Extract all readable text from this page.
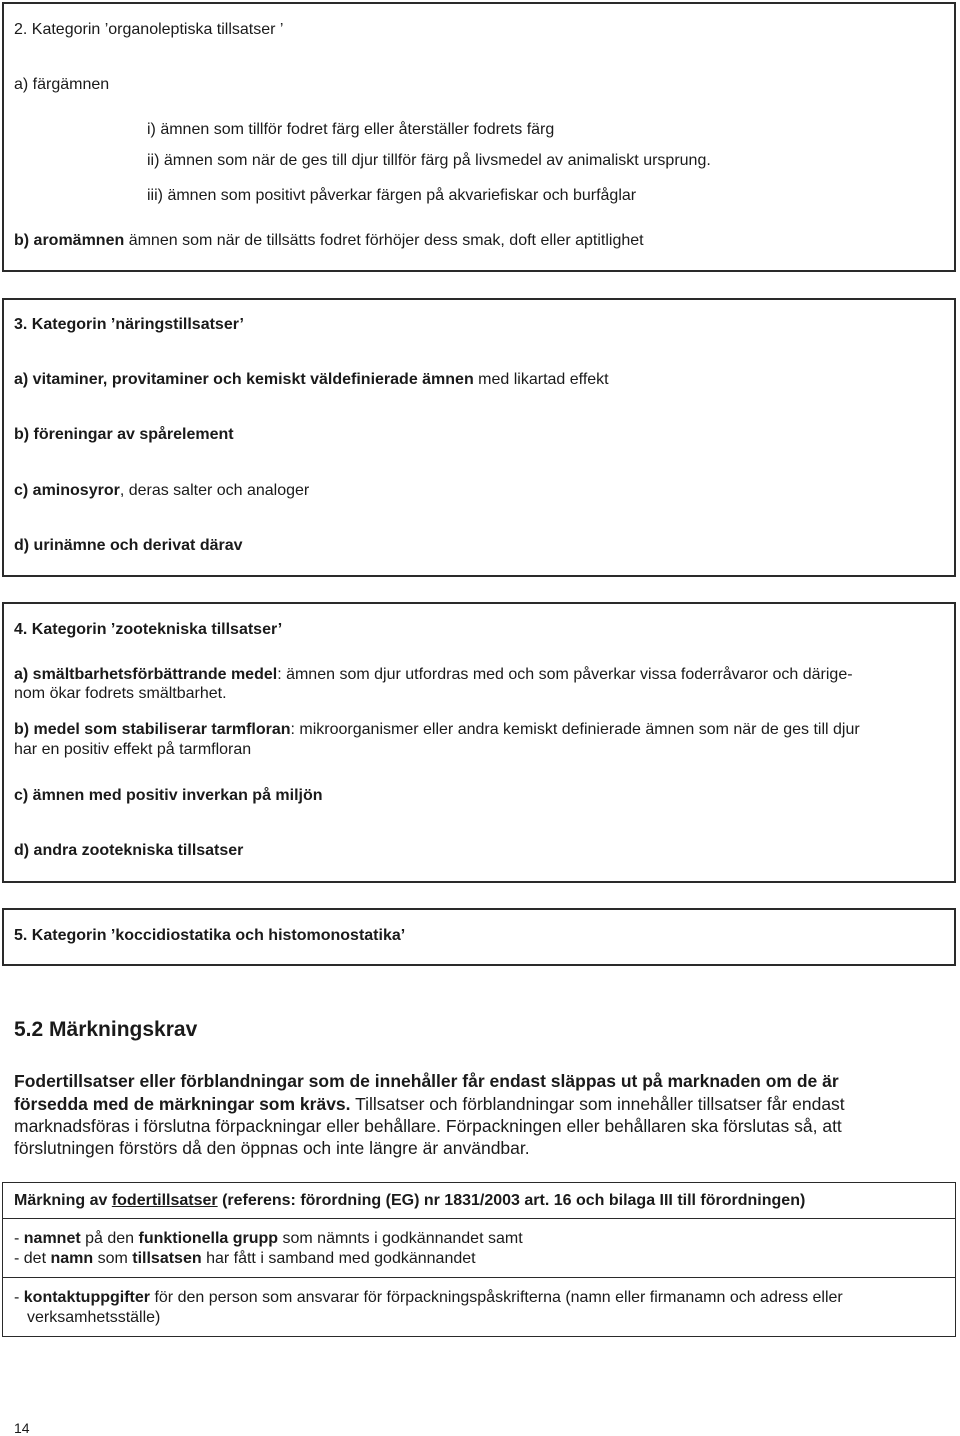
2. Kategorin ’organoleptiska tillsatser ’
a) färgämnen
i) ämnen som tillför fodret färg eller återställer fodrets färg
ii) ämnen som när de ges till djur tillför färg på livsmedel av animaliskt ursprung.
iii) ämnen som positivt påverkar färgen på akvariefiskar och burfåglar
b) aromämnen ämnen som när de tillsätts fodret förhöjer dess smak, doft eller aptitlighet
3. Kategorin ’näringstillsatser’
a) vitaminer, provitaminer och kemiskt väldefinierade ämnen med likartad effekt
b) föreningar av spårelement
c) aminosyror, deras salter och analoger
d) urinämne och derivat därav
4. Kategorin ’zootekniska tillsatser’
a) smältbarhetsförbättrande medel: ämnen som djur utfordras med och som påverkar vissa foderråvaror och därige-
nom ökar fodrets smältbarhet.
b) medel som stabiliserar tarmfloran: mikroorganismer eller andra kemiskt definierade ämnen som när de ges till djur
har en positiv effekt på tarmfloran
c) ämnen med positiv inverkan på miljön
d) andra zootekniska tillsatser
5. Kategorin ’koccidiostatika och histomonostatika’
5.2 Märkningskrav
Fodertillsatser eller förblandningar som de innehåller får endast släppas ut på marknaden om de är
försedda med de märkningar som krävs. Tillsatser och förblandningar som innehåller tillsatser får endast
marknadsföras i förslutna förpackningar eller behållare. Förpackningen eller behållaren ska förslutas så, att
förslutningen förstörs då den öppnas och inte längre är användbar.
Märkning av fodertillsatser (referens: förordning (EG) nr 1831/2003 art. 16 och bilaga III till förordningen)
- namnet på den funktionella grupp som nämnts i godkännandet samt
- det namn som tillsatsen har fått i samband med godkännandet
- kontaktuppgifter för den person som ansvarar för förpackningspåskrifterna (namn eller firmanamn och adress eller
verksamhetsställe)
14
